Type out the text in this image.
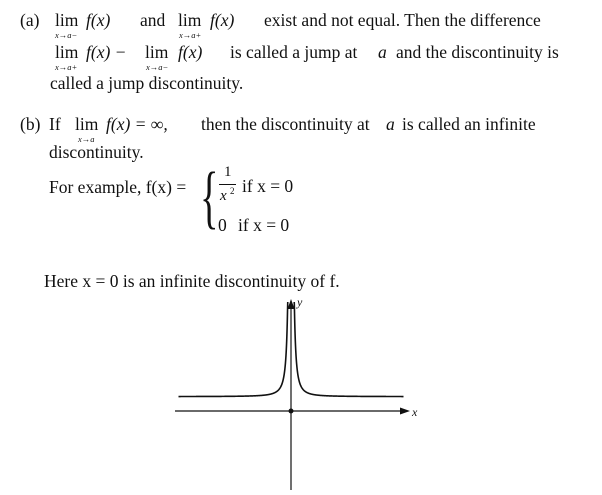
(a) lim
x→a−
f(x) and lim
x→a+
f(x) exist and not equal. Then the difference
lim
x→a+
f(x) − lim
x→a−
f(x) is called a jump at a and the discontinuity is
called a jump discontinuity.
(b) If lim
x→a
f(x) = ∞, then the discontinuity at a is called an infinite
discontinuity.
For example, f(x) = { 1
x 2 if x = 0
0 if x = 0
Here x = 0 is an infinite discontinuity of f.
x
y
